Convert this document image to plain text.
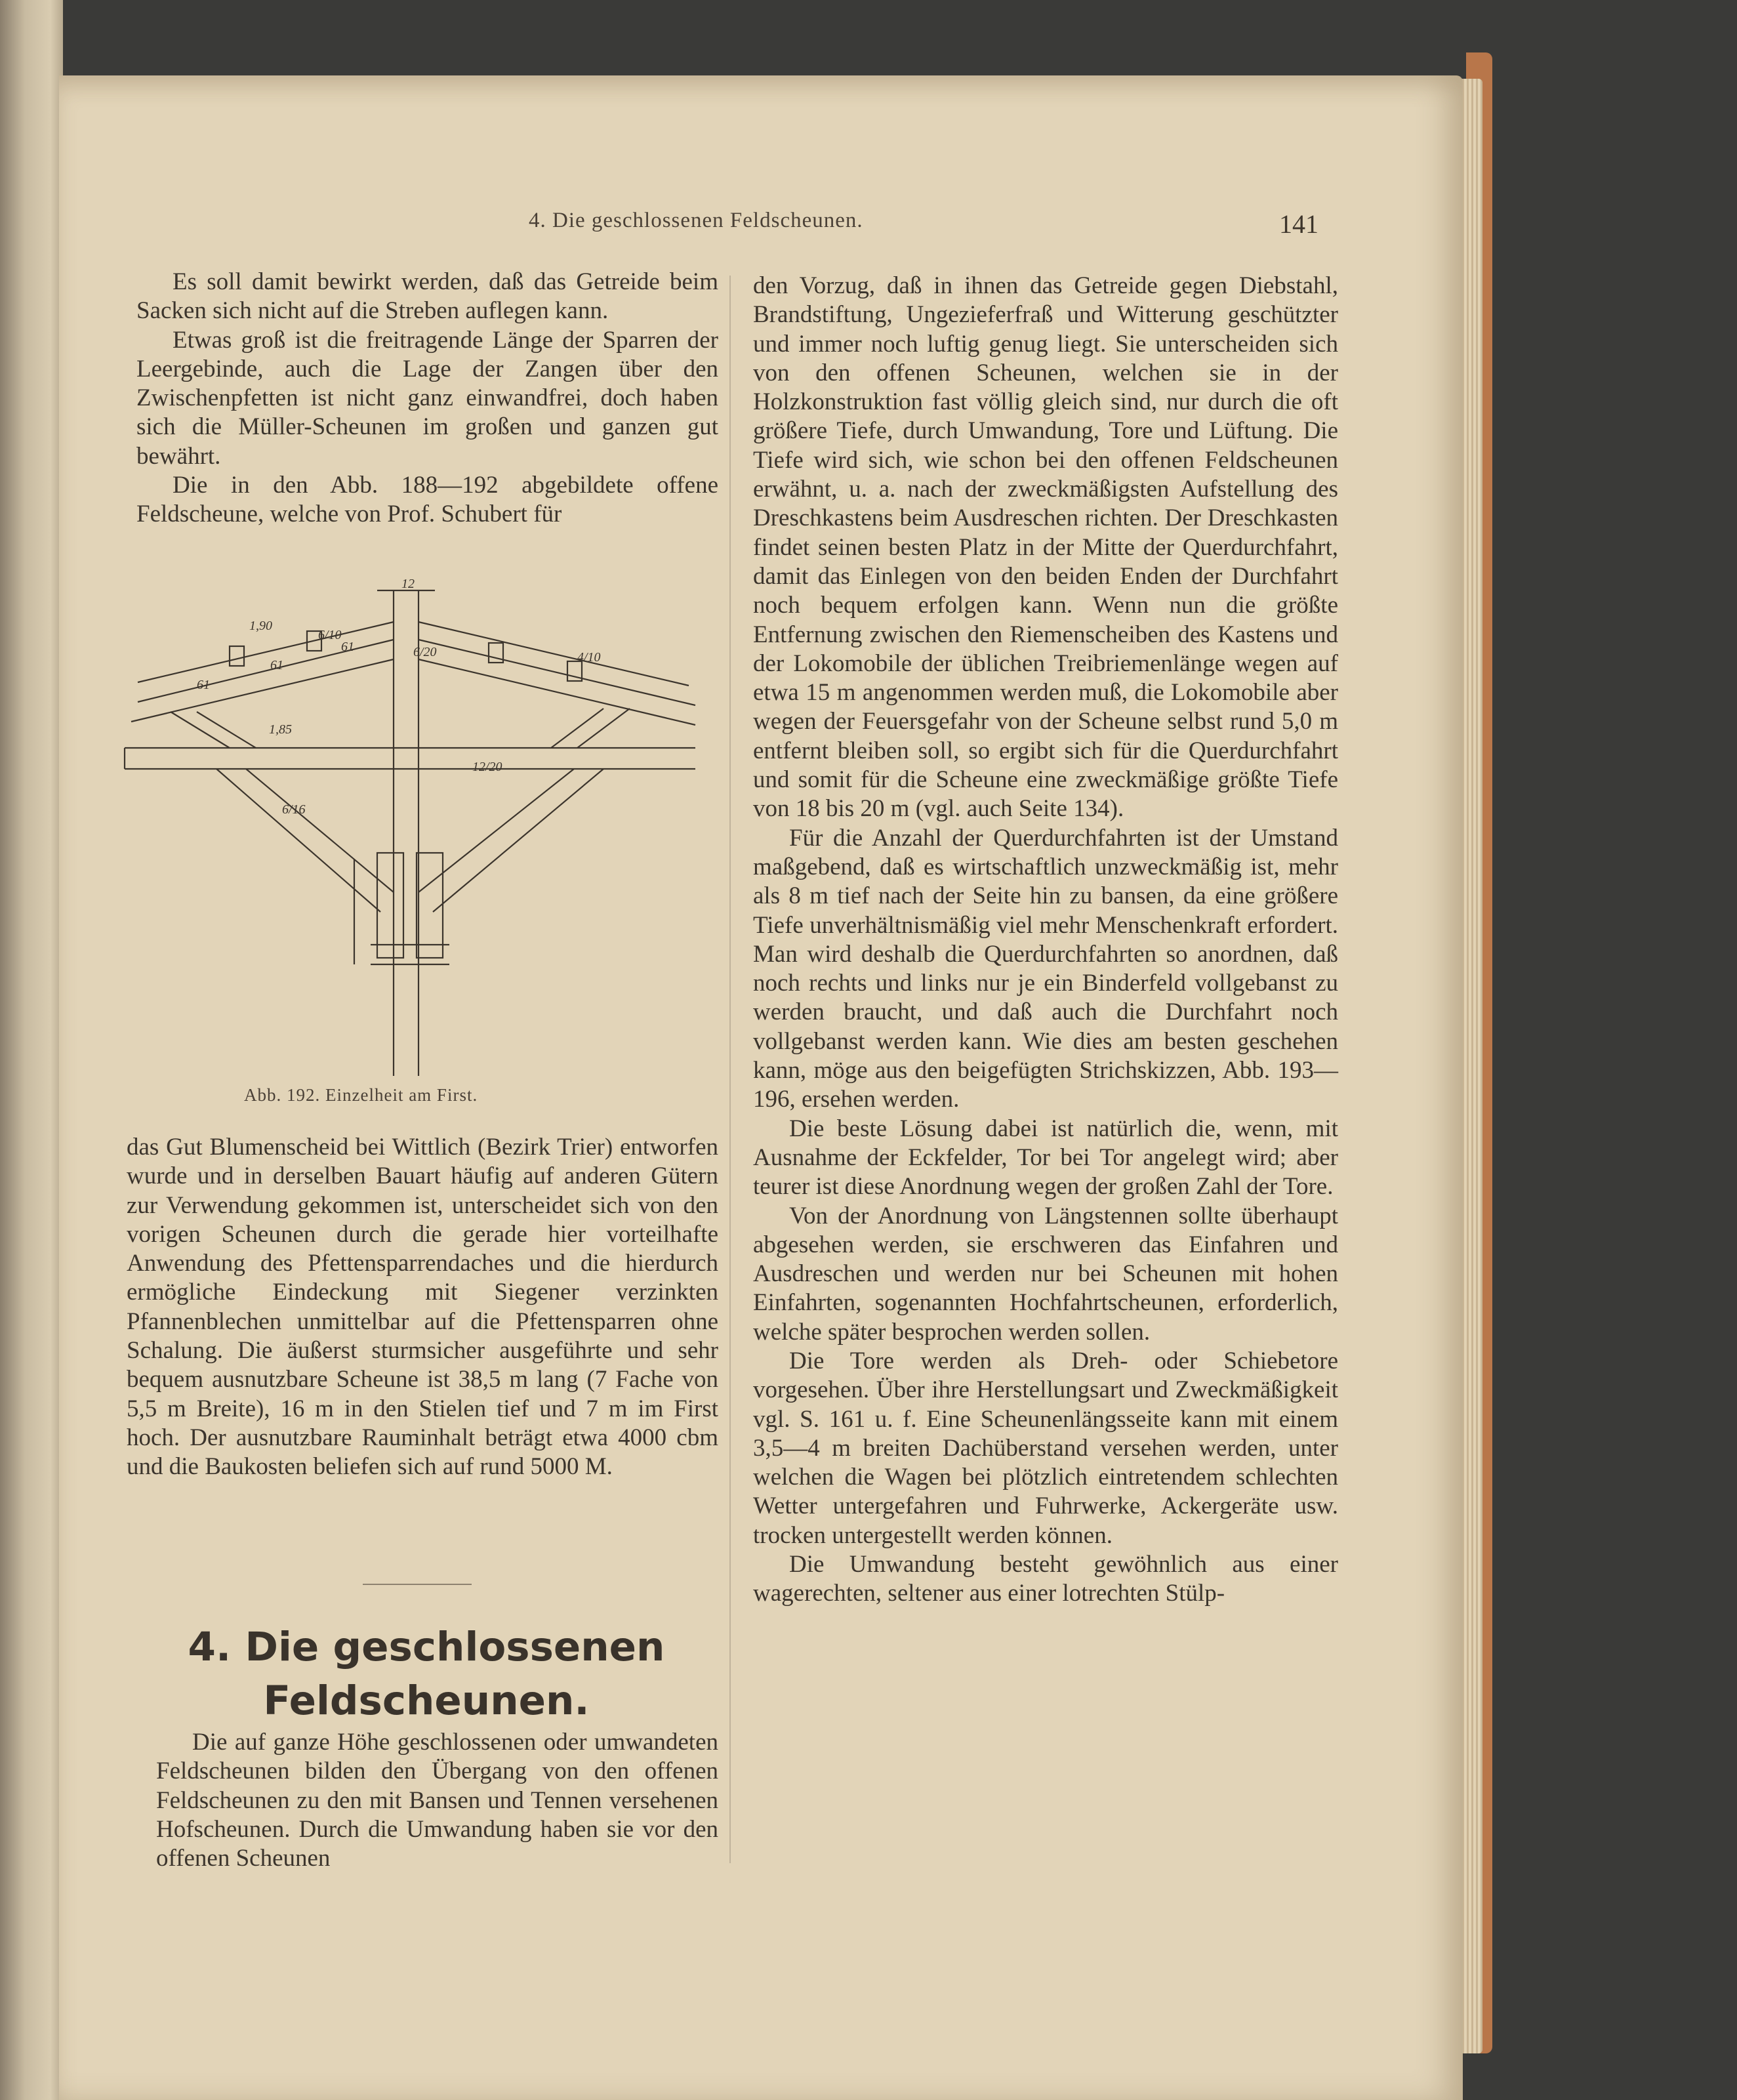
4. Die geschlossenen Feldscheunen.	141

Es soll damit bewirkt werden, daß das Getreide beim Sacken sich nicht auf die Streben auflegen kann.

Etwas groß ist die freitragende Länge der Sparren der Leergebinde, auch die Lage der Zangen über den Zwischenpfetten ist nicht ganz einwandfrei, doch haben sich die Müller-Scheunen im großen und ganzen gut bewährt.

Die in den Abb. 188—192 abgebildete offene Feldscheune, welche von Prof. Schubert für

12
1,90
6/10
6/20
61
61
61
4/10
1,85
12/20
6/16
Abb. 192. Einzelheit am First.

das Gut Blumenscheid bei Wittlich (Bezirk Trier) entworfen wurde und in derselben Bauart häufig auf anderen Gütern zur Verwendung gekommen ist, unterscheidet sich von den vorigen Scheunen durch die gerade hier vorteilhafte Anwendung des Pfettensparrendaches und die hierdurch ermögliche Eindeckung mit Siegener verzinkten Pfannenblechen unmittelbar auf die Pfettensparren ohne Schalung. Die äußerst sturmsicher ausgeführte und sehr bequem ausnutzbare Scheune ist 38,5 m lang (7 Fache von 5,5 m Breite), 16 m in den Stielen tief und 7 m im First hoch. Der ausnutzbare Rauminhalt beträgt etwa 4000 cbm und die Baukosten beliefen sich auf rund 5000 M.

4. Die geschlossenen Feldscheunen.

Die auf ganze Höhe geschlossenen oder umwandeten Feldscheunen bilden den Übergang von den offenen Feldscheunen zu den mit Bansen und Tennen versehenen Hofscheunen. Durch die Umwandung haben sie vor den offenen Scheunen

den Vorzug, daß in ihnen das Getreide gegen Diebstahl, Brandstiftung, Ungezieferfraß und Witterung geschützter und immer noch luftig genug liegt. Sie unterscheiden sich von den offenen Scheunen, welchen sie in der Holzkonstruktion fast völlig gleich sind, nur durch die oft größere Tiefe, durch Umwandung, Tore und Lüftung. Die Tiefe wird sich, wie schon bei den offenen Feldscheunen erwähnt, u. a. nach der zweckmäßigsten Aufstellung des Dreschkastens beim Ausdreschen richten. Der Dreschkasten findet seinen besten Platz in der Mitte der Querdurchfahrt, damit das Einlegen von den beiden Enden der Durchfahrt noch bequem erfolgen kann. Wenn nun die größte Entfernung zwischen den Riemenscheiben des Kastens und der Lokomobile der üblichen Treibriemenlänge wegen auf etwa 15 m angenommen werden muß, die Lokomobile aber wegen der Feuersgefahr von der Scheune selbst rund 5,0 m entfernt bleiben soll, so ergibt sich für die Querdurchfahrt und somit für die Scheune eine zweckmäßige größte Tiefe von 18 bis 20 m (vgl. auch Seite 134).

Für die Anzahl der Querdurchfahrten ist der Umstand maßgebend, daß es wirtschaftlich unzweckmäßig ist, mehr als 8 m tief nach der Seite hin zu bansen, da eine größere Tiefe unverhältnismäßig viel mehr Menschenkraft erfordert. Man wird deshalb die Querdurchfahrten so anordnen, daß noch rechts und links nur je ein Binderfeld vollgebanst zu werden braucht, und daß auch die Durchfahrt noch vollgebanst werden kann. Wie dies am besten geschehen kann, möge aus den beigefügten Strichskizzen, Abb. 193—196, ersehen werden.

Die beste Lösung dabei ist natürlich die, wenn, mit Ausnahme der Eckfelder, Tor bei Tor angelegt wird; aber teurer ist diese Anordnung wegen der großen Zahl der Tore.

Von der Anordnung von Längstennen sollte überhaupt abgesehen werden, sie erschweren das Einfahren und Ausdreschen und werden nur bei Scheunen mit hohen Einfahrten, sogenannten Hochfahrtscheunen, erforderlich, welche später besprochen werden sollen.

Die Tore werden als Dreh- oder Schiebetore vorgesehen. Über ihre Herstellungsart und Zweckmäßigkeit vgl. S. 161 u. f. Eine Scheunenlängsseite kann mit einem 3,5—4 m breiten Dachüberstand versehen werden, unter welchen die Wagen bei plötzlich eintretendem schlechten Wetter untergefahren und Fuhrwerke, Ackergeräte usw. trocken untergestellt werden können.

Die Umwandung besteht gewöhnlich aus einer wagerechten, seltener aus einer lotrechten Stülp-
